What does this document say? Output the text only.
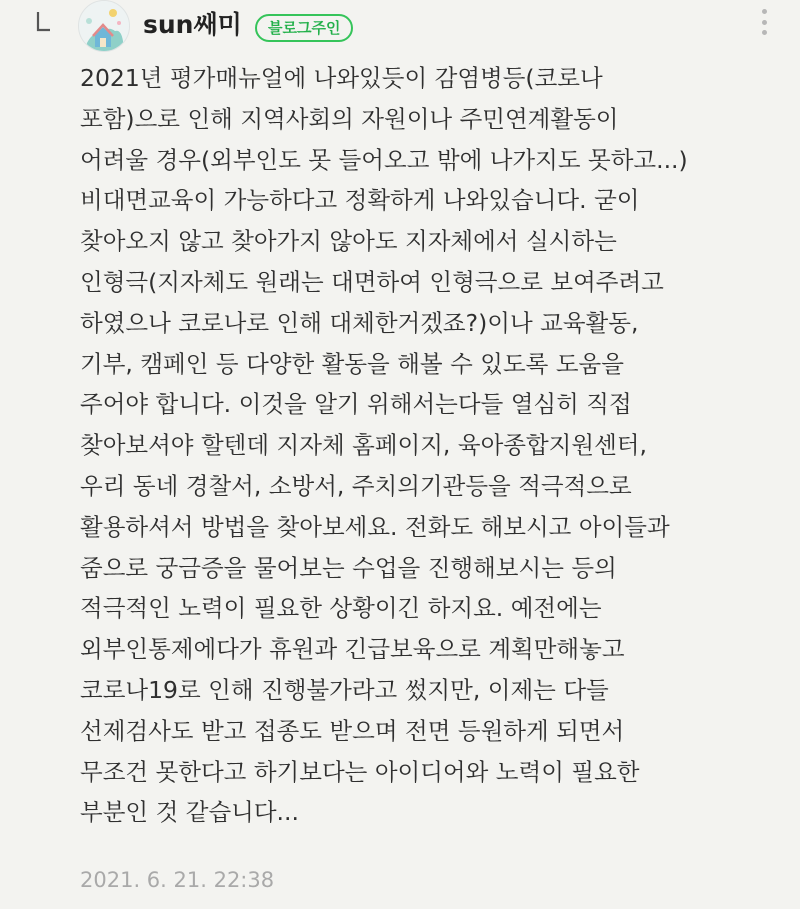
sun쌔미 블로그주인
2021년 평가매뉴얼에 나와있듯이 감염병등(코로나
포함)으로 인해 지역사회의 자원이나 주민연계활동이
어려울 경우(외부인도 못 들어오고 밖에 나가지도 못하고...)
비대면교육이 가능하다고 정확하게 나와있습니다. 굳이
찾아오지 않고 찾아가지 않아도 지자체에서 실시하는
인형극(지자체도 원래는 대면하여 인형극으로 보여주려고
하였으나 코로나로 인해 대체한거겠죠?)이나 교육활동,
기부, 캠페인 등 다양한 활동을 해볼 수 있도록 도움을
주어야 합니다. 이것을 알기 위해서는다들 열심히 직접
찾아보셔야 할텐데 지자체 홈페이지, 육아종합지원센터,
우리 동네 경찰서, 소방서, 주치의기관등을 적극적으로
활용하셔서 방법을 찾아보세요. 전화도 해보시고 아이들과
줌으로 궁금증을 물어보는 수업을 진행해보시는 등의
적극적인 노력이 필요한 상황이긴 하지요. 예전에는
외부인통제에다가 휴원과 긴급보육으로 계획만해놓고
코로나19로 인해 진행불가라고 썼지만, 이제는 다들
선제검사도 받고 접종도 받으며 전면 등원하게 되면서
무조건 못한다고 하기보다는 아이디어와 노력이 필요한
부분인 것 같습니다...
2021. 6. 21. 22:38
